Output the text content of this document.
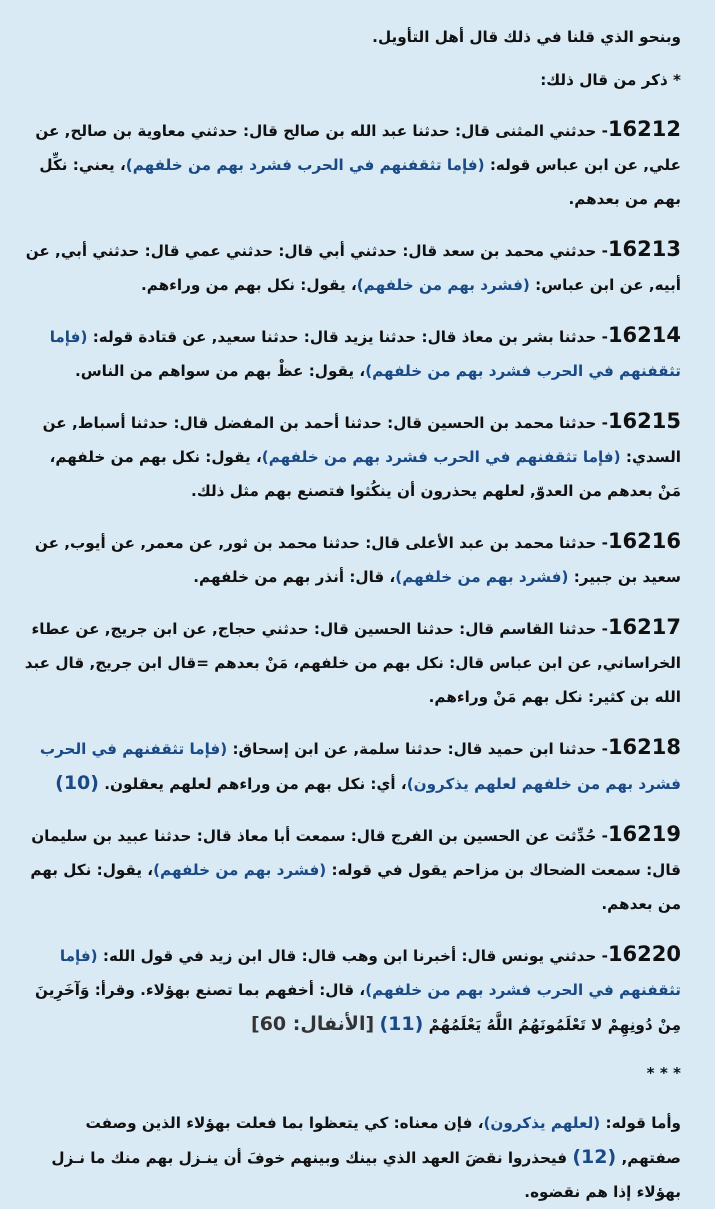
وبنحو الذي قلنا في ذلك قال أهل التأويل.

* ذكر من قال ذلك:

16212- حدثني المثنى قال: حدثنا عبد الله بن صالح قال: حدثني معاوية بن صالح, عن علي, عن ابن عباس قوله: (فإما تثقفنهم في الحرب فشرد بهم من خلفهم)، يعني: نكِّل بهم من بعدهم.

16213- حدثني محمد بن سعد قال: حدثني أبي قال: حدثني عمي قال: حدثني أبي, عن أبيه, عن ابن عباس: (فشرد بهم من خلفهم)، يقول: نكل بهم من وراءهم.

16214- حدثنا بشر بن معاذ قال: حدثنا يزيد قال: حدثنا سعيد, عن قتادة قوله: (فإما تثقفنهم في الحرب فشرد بهم من خلفهم)، يقول: عظْ بهم من سواهم من الناس.

16215- حدثنا محمد بن الحسين قال: حدثنا أحمد بن المفضل قال: حدثنا أسباط, عن السدي: (فإما تثقفنهم في الحرب فشرد بهم من خلفهم)، يقول: نكل بهم من خلفهم، مَنْ بعدهم من العدوّ, لعلهم يحذرون أن ينكُثوا فتصنع بهم مثل ذلك.

16216- حدثنا محمد بن عبد الأعلى قال: حدثنا محمد بن ثور, عن معمر, عن أيوب, عن سعيد بن جبير: (فشرد بهم من خلفهم)، قال: أنذر بهم من خلفهم.

16217- حدثنا القاسم قال: حدثنا الحسين قال: حدثني حجاج, عن ابن جريج, عن عطاء الخراساني, عن ابن عباس قال: نكل بهم من خلفهم، مَنْ بعدهم =قال ابن جريج, قال عبد الله بن كثير: نكل بهم مَنْ وراءهم.

16218- حدثنا ابن حميد قال: حدثنا سلمة, عن ابن إسحاق: (فإما تثقفنهم في الحرب فشرد بهم من خلفهم لعلهم يذكرون)، أي: نكل بهم من وراءهم لعلهم يعقلون. (10)

16219- حُدِّثت عن الحسين بن الفرج قال: سمعت أبا معاذ قال: حدثنا عبيد بن سليمان قال: سمعت الضحاك بن مزاحم يقول في قوله: (فشرد بهم من خلفهم)، يقول: نكل بهم من بعدهم.

16220- حدثني يونس قال: أخبرنا ابن وهب قال: قال ابن زيد في قول الله: (فإما تثقفنهم في الحرب فشرد بهم من خلفهم)، قال: أخفهم بما تصنع بهؤلاء. وقرأ: وَآخَرِينَ مِنْ دُونِهِمْ لا تَعْلَمُونَهُمُ اللَّهُ يَعْلَمُهُمْ (11) [الأنفال: 60]

* * *

وأما قوله: (لعلهم يذكرون)، فإن معناه: كي يتعظوا بما فعلت بهؤلاء الذين وصفت صفتهم, (12) فيحذروا نقضَ العهد الذي بينك وبينهم خوفَ أن ينـزل بهم منك ما نـزل بهؤلاء إذا هم نقضوه.
